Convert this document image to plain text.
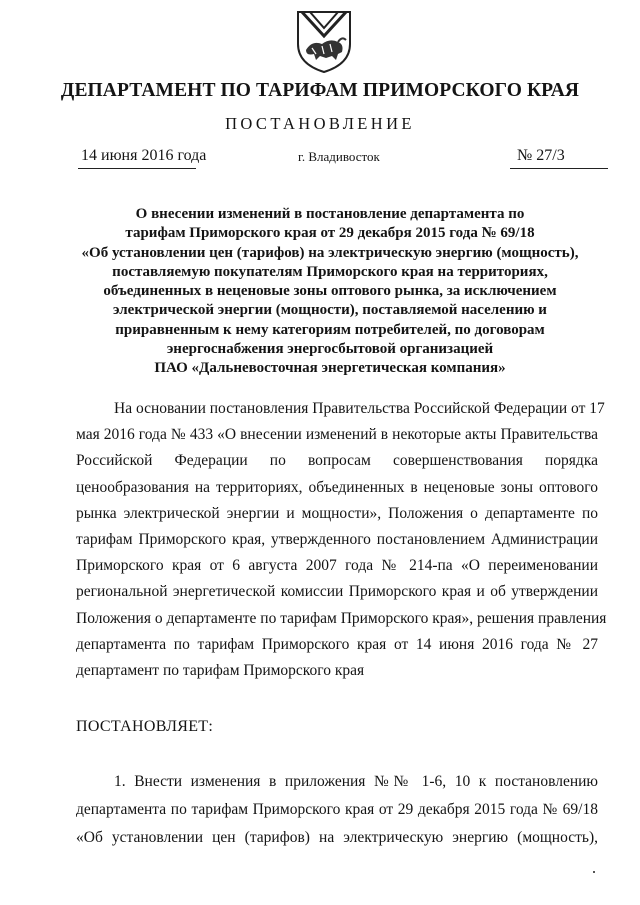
ДЕПАРТАМЕНТ ПО ТАРИФАМ ПРИМОРСКОГО КРАЯ
ПОСТАНОВЛЕНИЕ
14 июня 2016 года	г. Владивосток	№ 27/3
О внесении изменений в постановление департамента по
тарифам Приморского края от 29 декабря 2015 года № 69/18
«Об установлении цен (тарифов) на электрическую энергию (мощность),
поставляемую покупателям Приморского края на территориях,
объединенных в неценовые зоны оптового рынка, за исключением
электрической энергии (мощности), поставляемой населению и
приравненным к нему категориям потребителей, по договорам
энергоснабжения энергосбытовой организацией
ПАО «Дальневосточная энергетическая компания»
На основании постановления Правительства Российской Федерации от 17
мая 2016 года № 433 «О внесении изменений в некоторые акты Правительства
Российской Федерации по вопросам совершенствования порядка
ценообразования на территориях, объединенных в неценовые зоны оптового
рынка электрической энергии и мощности», Положения о департаменте по
тарифам Приморского края, утвержденного постановлением Администрации
Приморского края от 6 августа 2007 года № 214-па «О переименовании
региональной энергетической комиссии Приморского края и об утверждении
Положения о департаменте по тарифам Приморского края», решения правления
департамента по тарифам Приморского края от 14 июня 2016 года № 27
департамент по тарифам Приморского края
ПОСТАНОВЛЯЕТ:
1. Внести изменения в приложения №№ 1-6, 10 к постановлению
департамента по тарифам Приморского края от 29 декабря 2015 года № 69/18
«Об установлении цен (тарифов) на электрическую энергию (мощность),
